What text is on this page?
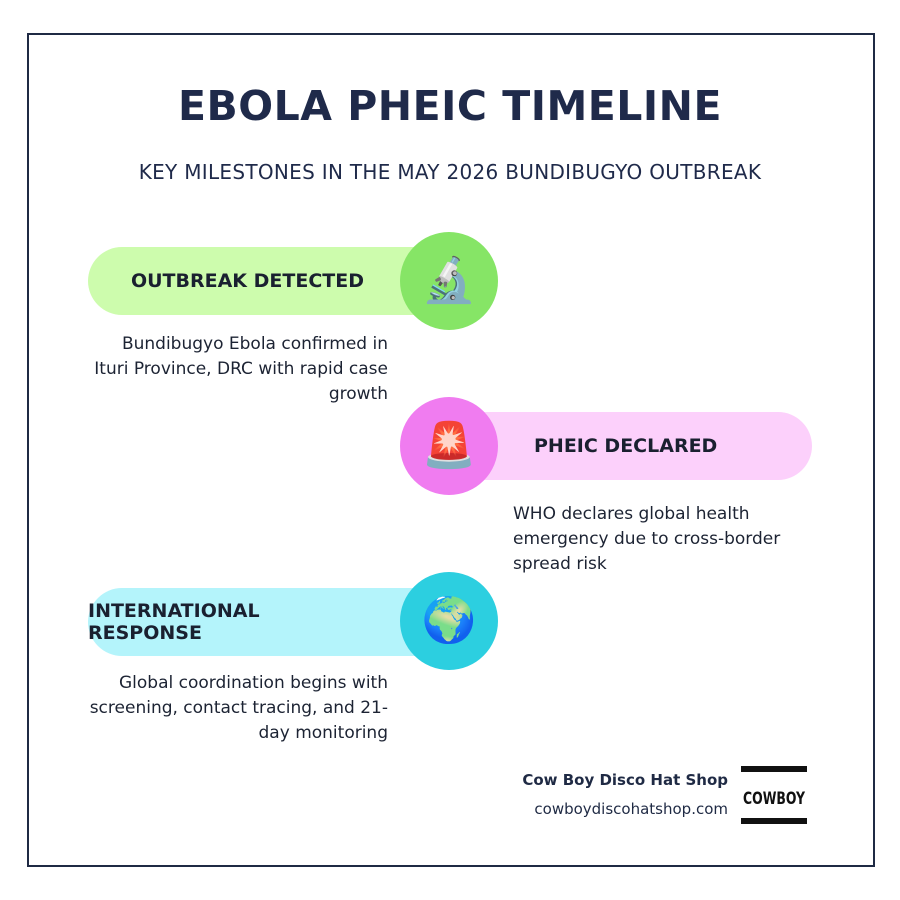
EBOLA PHEIC TIMELINE
KEY MILESTONES IN THE MAY 2026 BUNDIBUGYO OUTBREAK
OUTBREAK DETECTED 🔬
Bundibugyo Ebola confirmed in Ituri Province, DRC with rapid case growth
PHEIC DECLARED
🚨
WHO declares global health emergency due to cross-border spread risk
INTERNATIONAL RESPONSE	🌍
Global coordination begins with screening, contact tracing, and 21-day monitoring
Cow Boy Disco Hat Shop
cowboydiscohatshop.com COWBOY
